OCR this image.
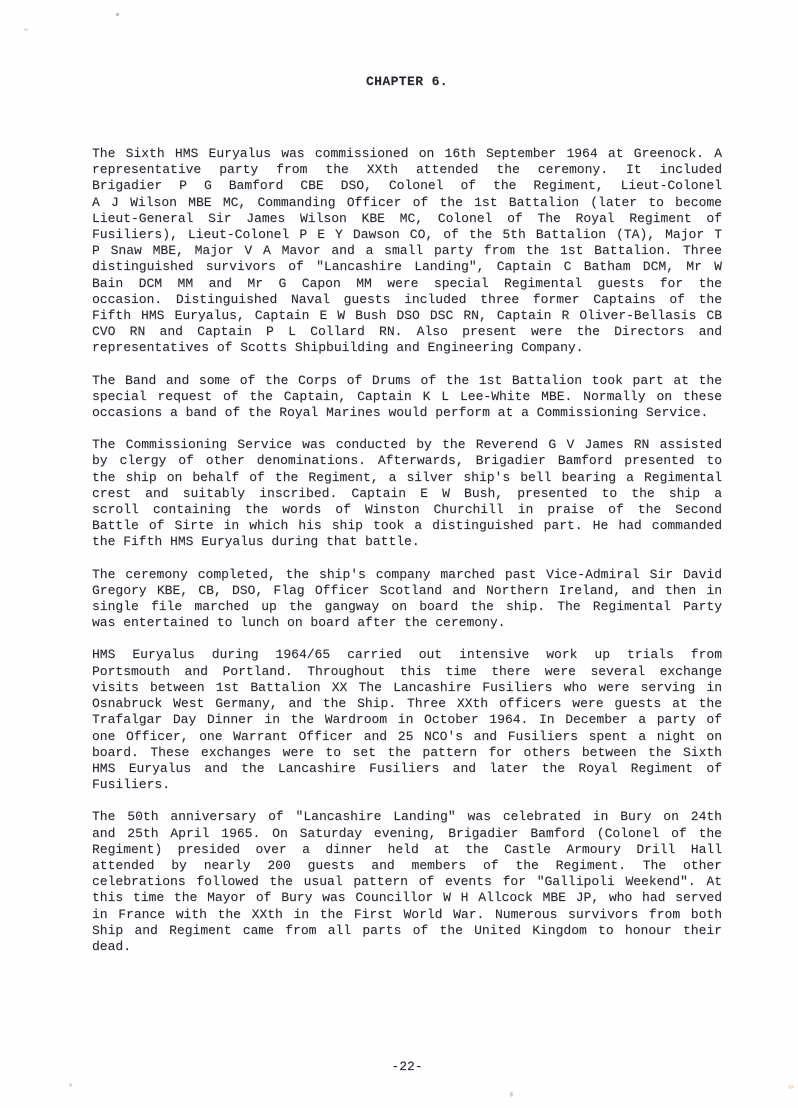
CHAPTER 6.
The Sixth HMS Euryalus was commissioned on 16th September 1964 at Greenock. A
representative party from the XXth attended the ceremony. It included
Brigadier P G Bamford CBE DSO, Colonel of the Regiment, Lieut-Colonel
A J Wilson MBE MC, Commanding Officer of the 1st Battalion (later to become
Lieut-General Sir James Wilson KBE MC, Colonel of The Royal Regiment of
Fusiliers), Lieut-Colonel P E Y Dawson CO, of the 5th Battalion (TA), Major T
P Snaw MBE, Major V A Mavor and a small party from the 1st Battalion. Three
distinguished survivors of "Lancashire Landing", Captain C Batham DCM, Mr W
Bain DCM MM and Mr G Capon MM were special Regimental guests for the
occasion. Distinguished Naval guests included three former Captains of the
Fifth HMS Euryalus, Captain E W Bush DSO DSC RN, Captain R Oliver-Bellasis CB
CVO RN and Captain P L Collard RN. Also present were the Directors and
representatives of Scotts Shipbuilding and Engineering Company.
The Band and some of the Corps of Drums of the 1st Battalion took part at the
special request of the Captain, Captain K L Lee-White MBE. Normally on these
occasions a band of the Royal Marines would perform at a Commissioning Service.
The Commissioning Service was conducted by the Reverend G V James RN assisted
by clergy of other denominations. Afterwards, Brigadier Bamford presented to
the ship on behalf of the Regiment, a silver ship's bell bearing a Regimental
crest and suitably inscribed. Captain E W Bush, presented to the ship a
scroll containing the words of Winston Churchill in praise of the Second
Battle of Sirte in which his ship took a distinguished part. He had commanded
the Fifth HMS Euryalus during that battle.
The ceremony completed, the ship's company marched past Vice-Admiral Sir David
Gregory KBE, CB, DSO, Flag Officer Scotland and Northern Ireland, and then in
single file marched up the gangway on board the ship. The Regimental Party
was entertained to lunch on board after the ceremony.
HMS Euryalus during 1964/65 carried out intensive work up trials from
Portsmouth and Portland. Throughout this time there were several exchange
visits between 1st Battalion XX The Lancashire Fusiliers who were serving in
Osnabruck West Germany, and the Ship. Three XXth officers were guests at the
Trafalgar Day Dinner in the Wardroom in October 1964. In December a party of
one Officer, one Warrant Officer and 25 NCO's and Fusiliers spent a night on
board. These exchanges were to set the pattern for others between the Sixth
HMS Euryalus and the Lancashire Fusiliers and later the Royal Regiment of
Fusiliers.
The 50th anniversary of "Lancashire Landing" was celebrated in Bury on 24th
and 25th April 1965. On Saturday evening, Brigadier Bamford (Colonel of the
Regiment) presided over a dinner held at the Castle Armoury Drill Hall
attended by nearly 200 guests and members of the Regiment. The other
celebrations followed the usual pattern of events for "Gallipoli Weekend". At
this time the Mayor of Bury was Councillor W H Allcock MBE JP, who had served
in France with the XXth in the First World War. Numerous survivors from both
Ship and Regiment came from all parts of the United Kingdom to honour their
dead.
-22-
